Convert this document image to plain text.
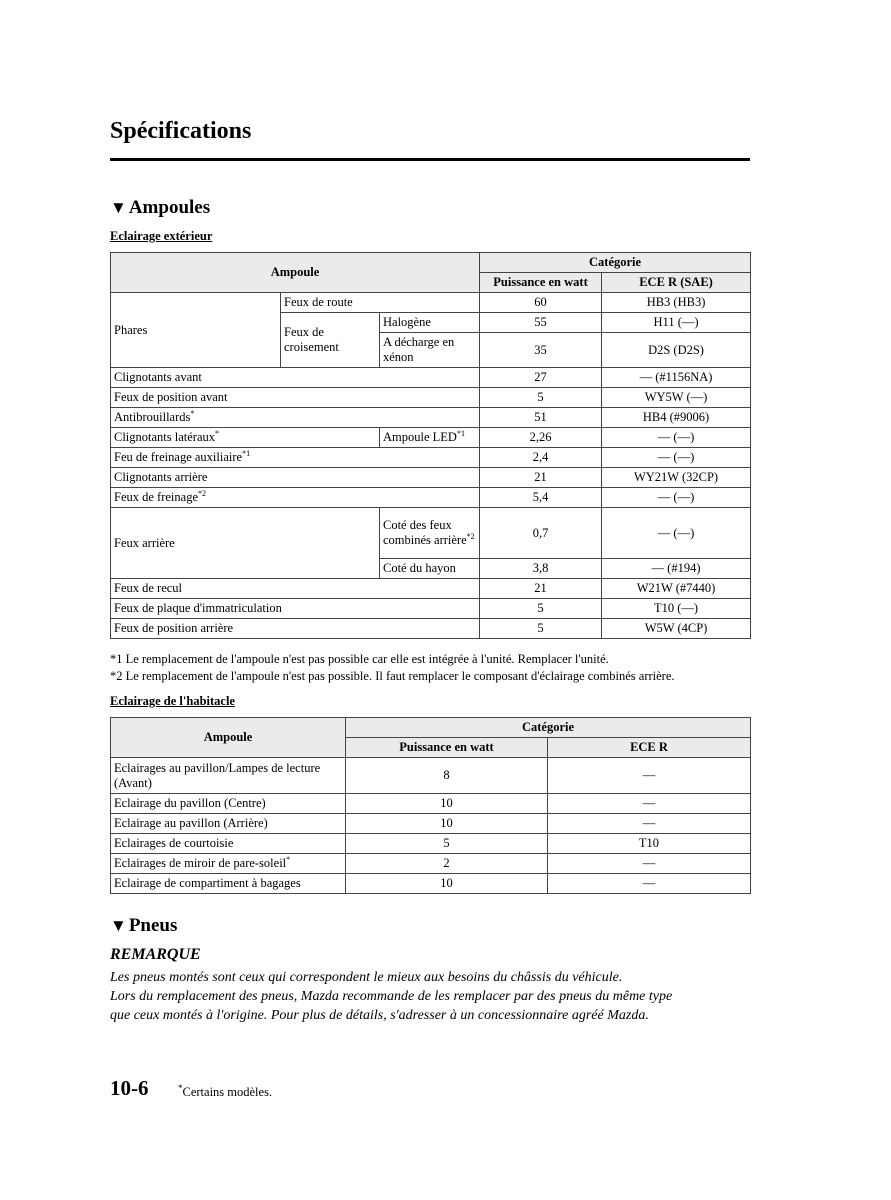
Spécifications
▼ Ampoules
Eclairage extérieur
Ampoule			Catégorie	
			Puissance en watt	ECE R (SAE)
Phares	Feux de route		60	HB3 (HB3)
	Feux de croisement	Halogène	55	H11 (—)
		A décharge en xénon	35	D2S (D2S)
Clignotants avant			27	— (#1156NA)
Feux de position avant			5	WY5W (—)
Antibrouillards*			51	HB4 (#9006)
Clignotants latéraux*		Ampoule LED$^{*1}$	2,26	— (—)
Feu de freinage auxiliaire$^{*1}$			2,4	— (—)
Clignotants arrière			21	WY21W (32CP)
Feux de freinage$^{*2}$			5,4	— (—)
Feux arrière		Coté des feux combinés arrière$^{*2}$	0,7	— (—)
		Coté du hayon	3,8	— (#194)
Feux de recul			21	W21W (#7440)
Feux de plaque d'immatriculation			5	T10 (—)
Feux de position arrière			5	W5W (4CP)
*1 Le remplacement de l'ampoule n'est pas possible car elle est intégrée à l'unité. Remplacer l'unité.
*2 Le remplacement de l'ampoule n'est pas possible. Il faut remplacer le composant d'éclairage combinés arrière.
Eclairage de l'habitacle
Ampoule	Catégorie	
	Puissance en watt	ECE R
Eclairages au pavillon/Lampes de lecture (Avant)	8	—
Eclairage du pavillon (Centre)	10	—
Eclairage au pavillon (Arrière)	10	—
Eclairages de courtoisie	5	T10
Eclairages de miroir de pare-soleil*	2	—
Eclairage de compartiment à bagages	10	—
▼ Pneus
REMARQUE
Les pneus montés sont ceux qui correspondent le mieux aux besoins du châssis du véhicule.
Lors du remplacement des pneus, Mazda recommande de les remplacer par des pneus du même type
que ceux montés à l'origine. Pour plus de détails, s'adresser à un concessionnaire agréé Mazda.
10-6	*Certains modèles.
